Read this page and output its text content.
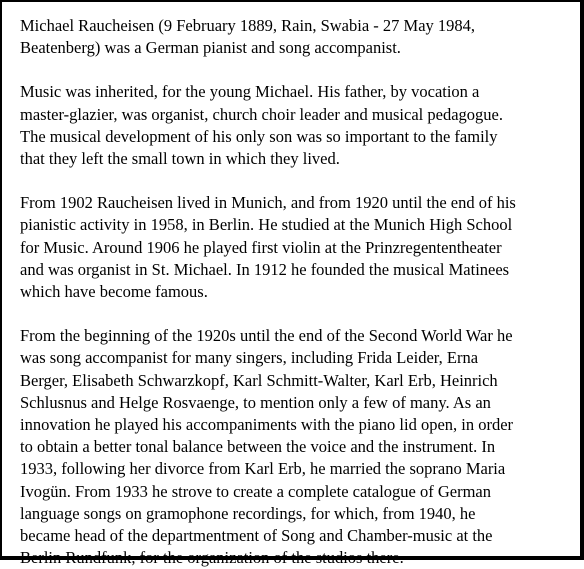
Michael Raucheisen (9 February 1889, Rain, Swabia - 27 May 1984,
Beatenberg) was a German pianist and song accompanist.

Music was inherited, for the young Michael. His father, by vocation a
master-glazier, was organist, church choir leader and musical pedagogue.
The musical development of his only son was so important to the family
that they left the small town in which they lived.

From 1902 Raucheisen lived in Munich, and from 1920 until the end of his
pianistic activity in 1958, in Berlin. He studied at the Munich High School
for Music. Around 1906 he played first violin at the Prinzregententheater
and was organist in St. Michael. In 1912 he founded the musical Matinees
which have become famous.

From the beginning of the 1920s until the end of the Second World War he
was song accompanist for many singers, including Frida Leider, Erna
Berger, Elisabeth Schwarzkopf, Karl Schmitt-Walter, Karl Erb, Heinrich
Schlusnus and Helge Rosvaenge, to mention only a few of many. As an
innovation he played his accompaniments with the piano lid open, in order
to obtain a better tonal balance between the voice and the instrument. In
1933, following her divorce from Karl Erb, he married the soprano Maria
Ivogün. From 1933 he strove to create a complete catalogue of German
language songs on gramophone recordings, for which, from 1940, he
became head of the departmentment of Song and Chamber-music at the
Berlin Rundfunk, for the organization of the studios there.
